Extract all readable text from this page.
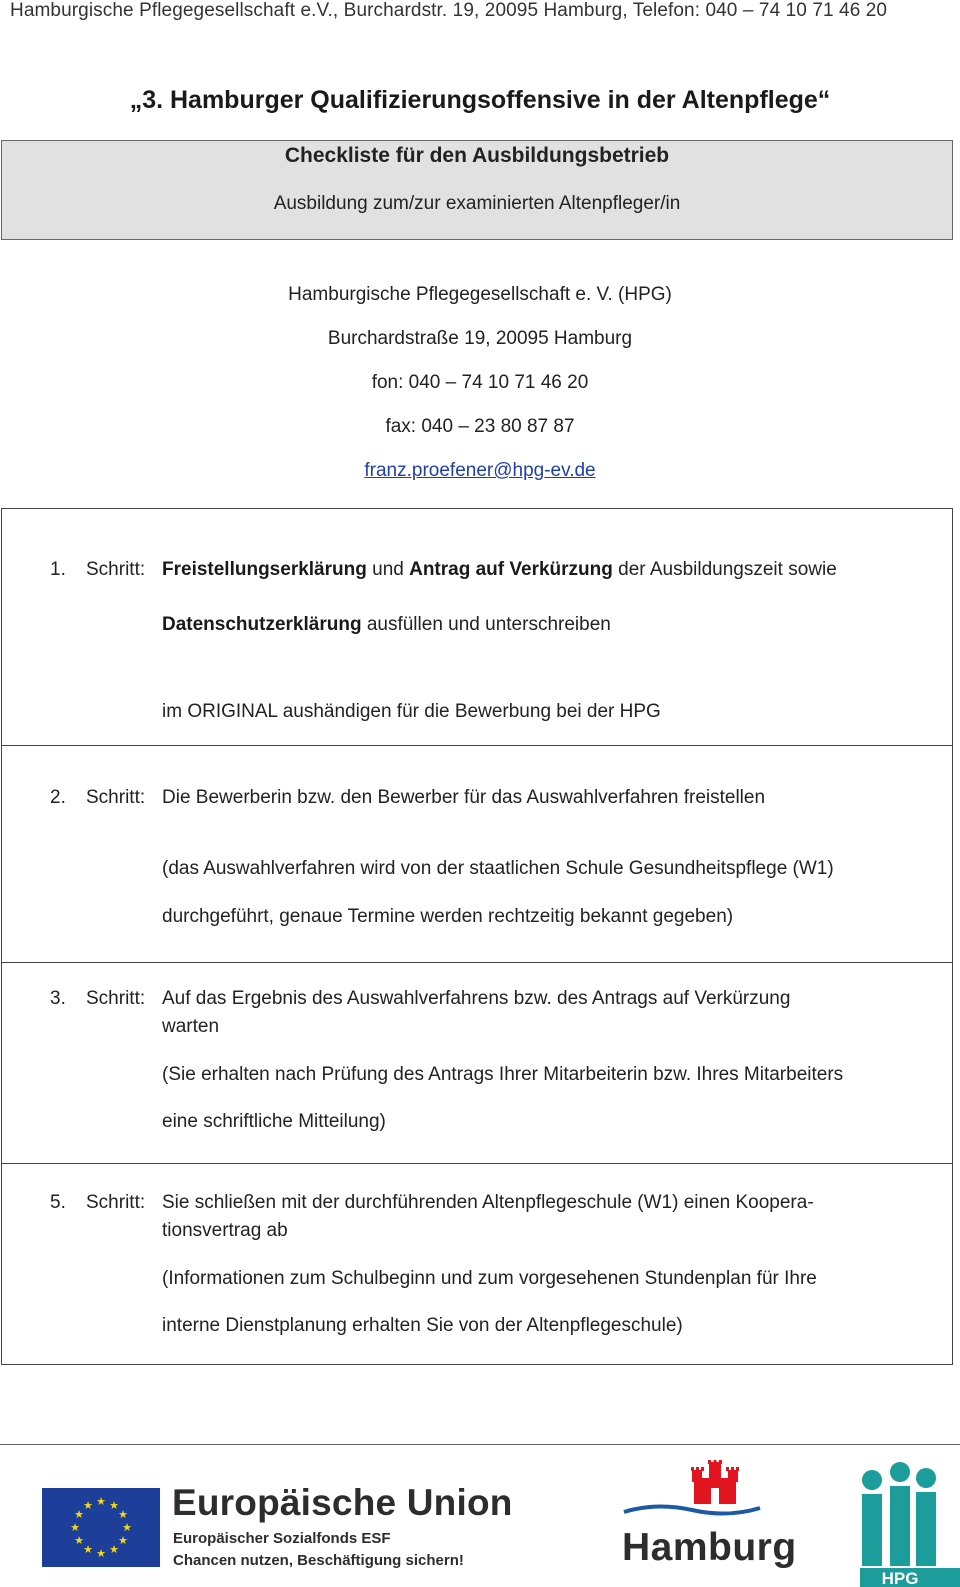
Hamburgische Pflegegesellschaft e.V., Burchardstr. 19, 20095 Hamburg, Telefon: 040 – 74 10 71 46 20
„3. Hamburger Qualifizierungsoffensive in der Altenpflege“
Checkliste für den Ausbildungsbetrieb
Ausbildung zum/zur examinierten Altenpfleger/in
Hamburgische Pflegegesellschaft e. V. (HPG)
Burchardstraße 19, 20095 Hamburg
fon: 040 – 74 10 71 46 20
fax: 040 – 23 80 87 87
franz.proefener@hpg-ev.de
1. Schritt: Freistellungserklärung und Antrag auf Verkürzung der Ausbildungszeit sowie
Datenschutzerklärung ausfüllen und unterschreiben
im ORIGINAL aushändigen für die Bewerbung bei der HPG
2. Schritt: Die Bewerberin bzw. den Bewerber für das Auswahlverfahren freistellen
(das Auswahlverfahren wird von der staatlichen Schule Gesundheitspflege (W1)
durchgeführt, genaue Termine werden rechtzeitig bekannt gegeben)
3. Schritt: Auf das Ergebnis des Auswahlverfahrens bzw. des Antrags auf Verkürzung
warten
(Sie erhalten nach Prüfung des Antrags Ihrer Mitarbeiterin bzw. Ihres Mitarbeiters
eine schriftliche Mitteilung)
5. Schritt: Sie schließen mit der durchführenden Altenpflegeschule (W1) einen Koopera-
tionsvertrag ab
(Informationen zum Schulbeginn und zum vorgesehenen Stundenplan für Ihre
interne Dienstplanung erhalten Sie von der Altenpflegeschule)
★ ★
★
★
★
★
★
★
★
★
★
★ Europäische Union
Europäischer Sozialfonds ESF
Chancen nutzen, Beschäftigung sichern!	Hamburg
HPG
